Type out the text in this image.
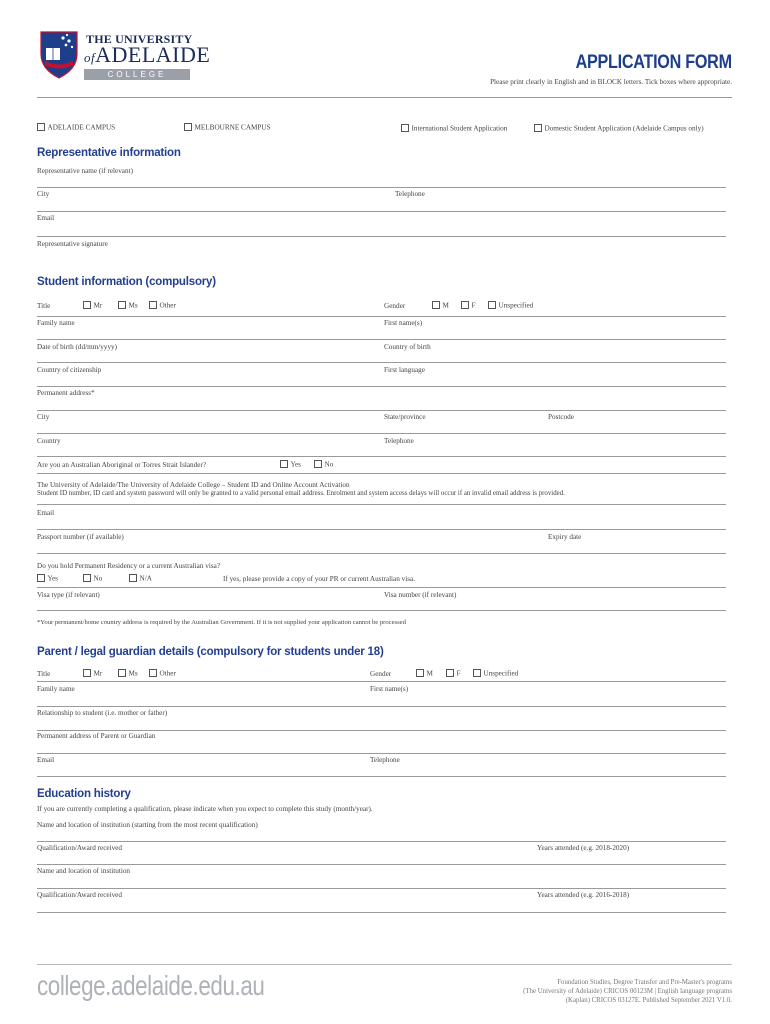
THE UNIVERSITY
ofADELAIDE
COLLEGE
APPLICATION FORM
Please print clearly in English and in BLOCK letters. Tick boxes where appropriate.
ADELAIDE CAMPUS	MELBOURNE CAMPUS	International Student Application	Domestic Student Application (Adelaide Campus only)
Representative information
Representative name (if relevant)
City	Telephone
Email
Representative signature
Student information (compulsory)
Title	Mr	Ms	Other	Gender	M	F	Unspecified
Family name	First name(s)
Date of birth (dd/mm/yyyy)	Country of birth
Country of citizenship	First language
Permanent address*
City	State/province	Postcode
Country	Telephone
Are you an Australian Aboriginal or Torres Strait Islander?	Yes	No
The University of Adelaide/The University of Adelaide College – Student ID and Online Account Activation
Student ID number, ID card and system password will only be granted to a valid personal email address. Enrolment and system access delays will occur if an invalid email address is provided.
Email
Passport number (if available)	Expiry date
Do you hold Permanent Residency or a current Australian visa?
Yes	No	N/A	If yes, please provide a copy of your PR or current Australian visa.
Visa type (if relevant)	Visa number (if relevant)
*Your permanent/home country address is required by the Australian Government. If it is not supplied your application cannot be processed
Parent / legal guardian details (compulsory for students under 18)
Title	Mr	Ms	Other	Gender	M	F	Unspecified
Family name	First name(s)
Relationship to student (i.e. mother or father)
Permanent address of Parent or Guardian
Email	Telephone
Education history
If you are currently completing a qualification, please indicate when you expect to complete this study (month/year).
Name and location of institution (starting from the most recent qualification)
Qualification/Award received	Years attended (e.g. 2018-2020)
Name and location of institution
Qualification/Award received	Years attended (e.g. 2016-2018)
college.adelaide.edu.au	Foundation Studies, Degree Transfer and Pre-Master's programs
(The University of Adelaide) CRICOS 00123M | English language programs
(Kaplan) CRICOS 03127E. Published September 2021 V1.0.
